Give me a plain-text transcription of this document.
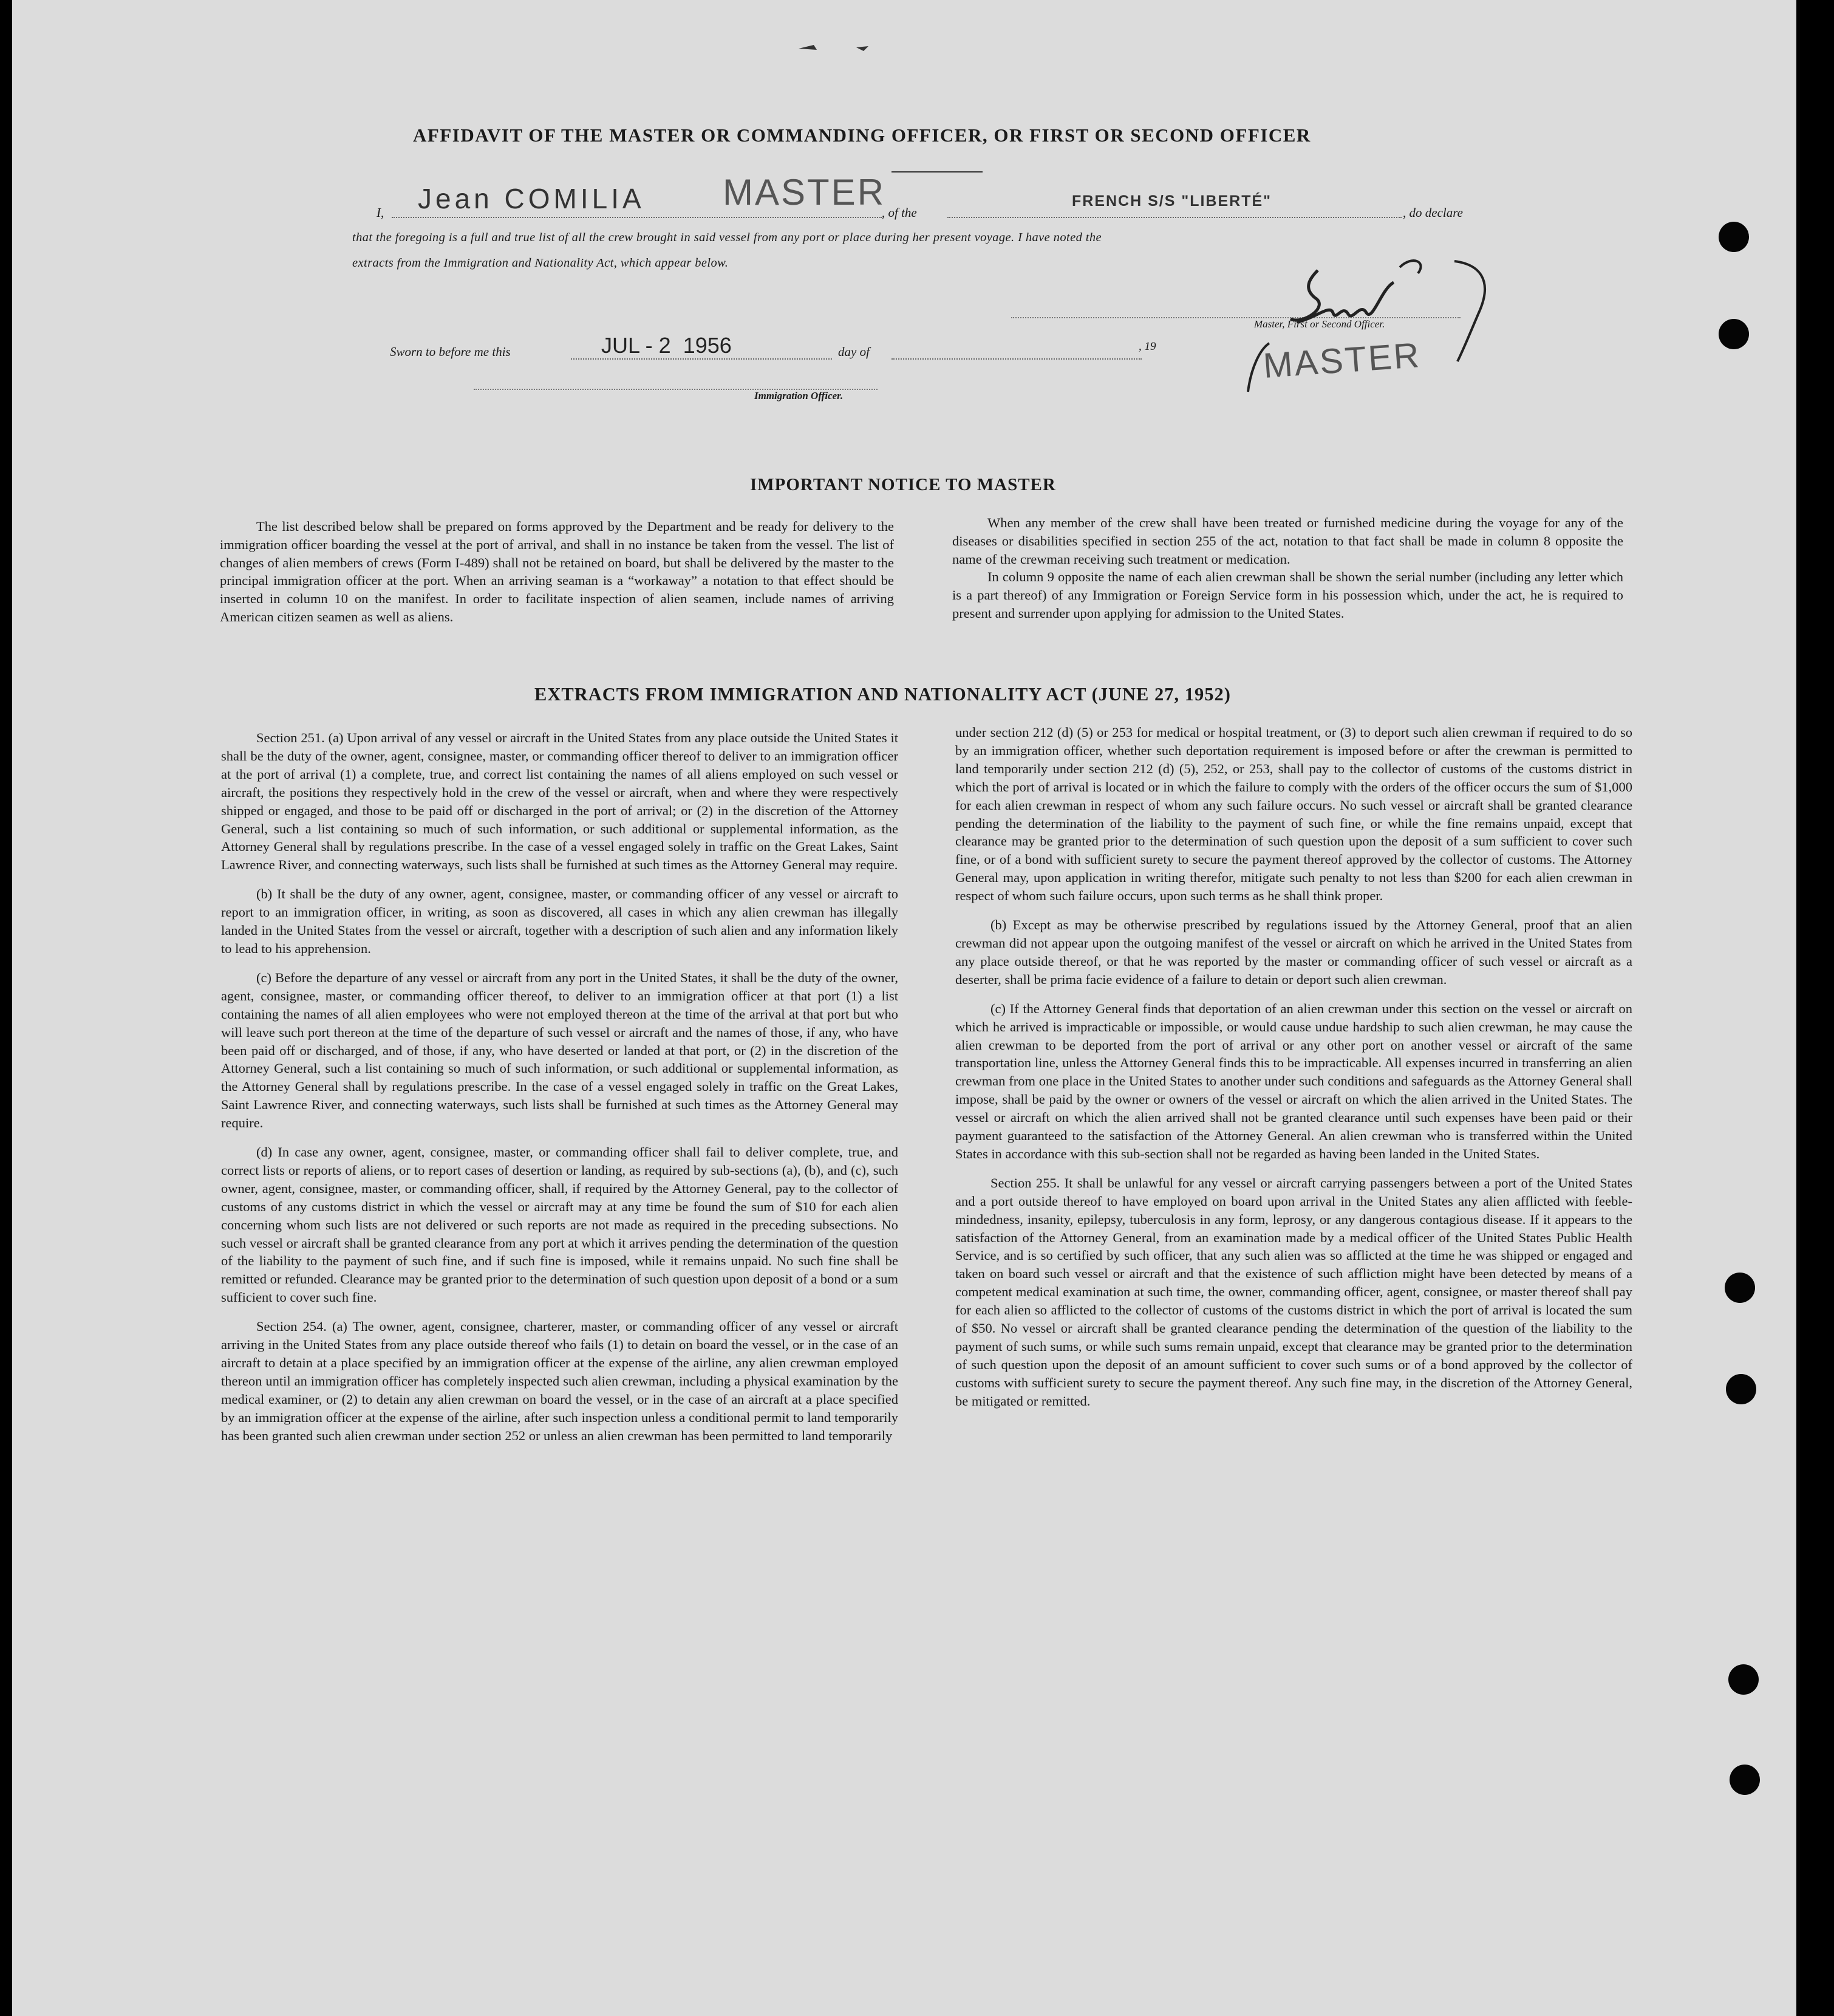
AFFIDAVIT OF THE MASTER OR COMMANDING OFFICER, OR FIRST OR SECOND OFFICER
I, Jean COMILIA MASTER
, of the
FRENCH S/S "LIBERTÉ"
, do declare
that the foregoing is a full and true list of all the crew brought in said vessel from any port or place during her present voyage. I have noted the
extracts from the Immigration and Nationality Act, which appear below.
Master, First or Second Officer.
MASTER
Sworn to before me this	JUL - 2  1956	day of	, 19
Immigration Officer.
IMPORTANT NOTICE TO MASTER

The list described below shall be prepared on forms approved by the Department and be ready for delivery to the immigration officer boarding the vessel at the port of arrival, and shall in no instance be taken from the vessel. The list of changes of alien members of crews (Form I-489) shall not be retained on board, but shall be delivered by the master to the principal immigration officer at the port. When an arriving seaman is a “workaway” a notation to that effect should be inserted in column 10 on the manifest. In order to facilitate inspection of alien seamen, include names of arriving American citizen seamen as well as aliens.

When any member of the crew shall have been treated or furnished medicine during the voyage for any of the diseases or disabilities specified in section 255 of the act, notation to that fact shall be made in column 8 opposite the name of the crewman receiving such treatment or medication.

In column 9 opposite the name of each alien crewman shall be shown the serial number (including any letter which is a part thereof) of any Immigration or Foreign Service form in his possession which, under the act, he is required to present and surrender upon applying for admission to the United States.

EXTRACTS FROM IMMIGRATION AND NATIONALITY ACT (JUNE 27, 1952)

Section 251. (a) Upon arrival of any vessel or aircraft in the United States from any place outside the United States it shall be the duty of the owner, agent, consignee, master, or commanding officer thereof to deliver to an immigration officer at the port of arrival (1) a complete, true, and correct list containing the names of all aliens employed on such vessel or aircraft, the positions they respectively hold in the crew of the vessel or aircraft, when and where they were respectively shipped or engaged, and those to be paid off or discharged in the port of arrival; or (2) in the discretion of the Attorney General, such a list containing so much of such information, or such additional or supplemental information, as the Attorney General shall by regulations prescribe. In the case of a vessel engaged solely in traffic on the Great Lakes, Saint Lawrence River, and connecting waterways, such lists shall be furnished at such times as the Attorney General may require.

(b) It shall be the duty of any owner, agent, consignee, master, or commanding officer of any vessel or aircraft to report to an immigration officer, in writing, as soon as discovered, all cases in which any alien crewman has illegally landed in the United States from the vessel or aircraft, together with a description of such alien and any information likely to lead to his apprehension.

(c) Before the departure of any vessel or aircraft from any port in the United States, it shall be the duty of the owner, agent, consignee, master, or commanding officer thereof, to deliver to an immigration officer at that port (1) a list containing the names of all alien employees who were not employed thereon at the time of the arrival at that port but who will leave such port thereon at the time of the departure of such vessel or aircraft and the names of those, if any, who have been paid off or discharged, and of those, if any, who have deserted or landed at that port, or (2) in the discretion of the Attorney General, such a list containing so much of such information, or such additional or supplemental information, as the Attorney General shall by regulations prescribe. In the case of a vessel engaged solely in traffic on the Great Lakes, Saint Lawrence River, and connecting waterways, such lists shall be furnished at such times as the Attorney General may require.

(d) In case any owner, agent, consignee, master, or commanding officer shall fail to deliver complete, true, and correct lists or reports of aliens, or to report cases of desertion or landing, as required by sub-sections (a), (b), and (c), such owner, agent, consignee, master, or commanding officer, shall, if required by the Attorney General, pay to the collector of customs of any customs district in which the vessel or aircraft may at any time be found the sum of $10 for each alien concerning whom such lists are not delivered or such reports are not made as required in the preceding subsections. No such vessel or aircraft shall be granted clearance from any port at which it arrives pending the determination of the question of the liability to the payment of such fine, and if such fine is imposed, while it remains unpaid. No such fine shall be remitted or refunded. Clearance may be granted prior to the determination of such question upon deposit of a bond or a sum sufficient to cover such fine.

Section 254. (a) The owner, agent, consignee, charterer, master, or commanding officer of any vessel or aircraft arriving in the United States from any place outside thereof who fails (1) to detain on board the vessel, or in the case of an aircraft to detain at a place specified by an immigration officer at the expense of the airline, any alien crewman employed thereon until an immigration officer has completely inspected such alien crewman, including a physical examination by the medical examiner, or (2) to detain any alien crewman on board the vessel, or in the case of an aircraft at a place specified by an immigration officer at the expense of the airline, after such inspection unless a conditional permit to land temporarily has been granted such alien crewman under section 252 or unless an alien crewman has been permitted to land temporarily

under section 212 (d) (5) or 253 for medical or hospital treatment, or (3) to deport such alien crewman if required to do so by an immigration officer, whether such deportation requirement is imposed before or after the crewman is permitted to land temporarily under section 212 (d) (5), 252, or 253, shall pay to the collector of customs of the customs district in which the port of arrival is located or in which the failure to comply with the orders of the officer occurs the sum of $1,000 for each alien crewman in respect of whom any such failure occurs. No such vessel or aircraft shall be granted clearance pending the determination of the liability to the payment of such fine, or while the fine remains unpaid, except that clearance may be granted prior to the determination of such question upon the deposit of a sum sufficient to cover such fine, or of a bond with sufficient surety to secure the payment thereof approved by the collector of customs. The Attorney General may, upon application in writing therefor, mitigate such penalty to not less than $200 for each alien crewman in respect of whom such failure occurs, upon such terms as he shall think proper.

(b) Except as may be otherwise prescribed by regulations issued by the Attorney General, proof that an alien crewman did not appear upon the outgoing manifest of the vessel or aircraft on which he arrived in the United States from any place outside thereof, or that he was reported by the master or commanding officer of such vessel or aircraft as a deserter, shall be prima facie evidence of a failure to detain or deport such alien crewman.

(c) If the Attorney General finds that deportation of an alien crewman under this section on the vessel or aircraft on which he arrived is impracticable or impossible, or would cause undue hardship to such alien crewman, he may cause the alien crewman to be deported from the port of arrival or any other port on another vessel or aircraft of the same transportation line, unless the Attorney General finds this to be impracticable. All expenses incurred in transferring an alien crewman from one place in the United States to another under such conditions and safeguards as the Attorney General shall impose, shall be paid by the owner or owners of the vessel or aircraft on which the alien arrived in the United States. The vessel or aircraft on which the alien arrived shall not be granted clearance until such expenses have been paid or their payment guaranteed to the satisfaction of the Attorney General. An alien crewman who is transferred within the United States in accordance with this sub-section shall not be regarded as having been landed in the United States.

Section 255. It shall be unlawful for any vessel or aircraft carrying passengers between a port of the United States and a port outside thereof to have employed on board upon arrival in the United States any alien afflicted with feeble-mindedness, insanity, epilepsy, tuberculosis in any form, leprosy, or any dangerous contagious disease. If it appears to the satisfaction of the Attorney General, from an examination made by a medical officer of the United States Public Health Service, and is so certified by such officer, that any such alien was so afflicted at the time he was shipped or engaged and taken on board such vessel or aircraft and that the existence of such affliction might have been detected by means of a competent medical examination at such time, the owner, commanding officer, agent, consignee, or master thereof shall pay for each alien so afflicted to the collector of customs of the customs district in which the port of arrival is located the sum of $50. No vessel or aircraft shall be granted clearance pending the determination of the question of the liability to the payment of such sums, or while such sums remain unpaid, except that clearance may be granted prior to the determination of such question upon the deposit of an amount sufficient to cover such sums or of a bond approved by the collector of customs with sufficient surety to secure the payment thereof. Any such fine may, in the discretion of the Attorney General, be mitigated or remitted.
